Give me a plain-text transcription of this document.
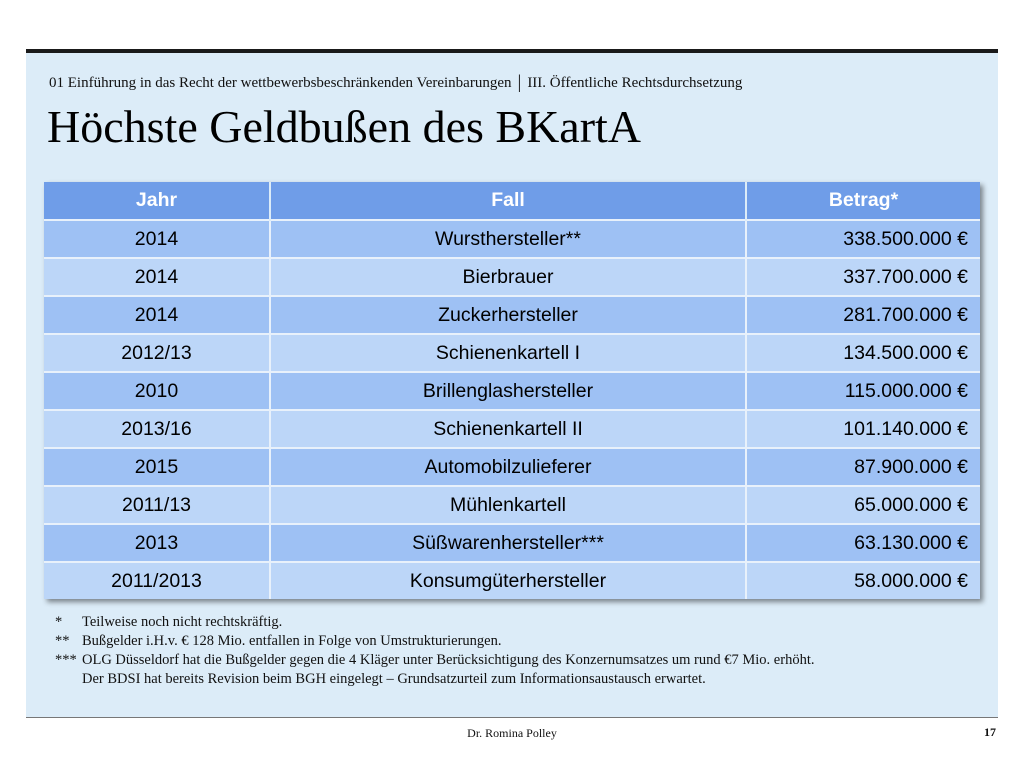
01 Einführung in das Recht der wettbewerbsbeschränkenden Vereinbarungen | III. Öffentliche Rechtsdurchsetzung
Höchste Geldbußen des BKartA
Jahr	Fall	Betrag*
2014	Wursthersteller**	338.500.000 €
2014	Bierbrauer	337.700.000 €
2014	Zuckerhersteller	281.700.000 €
2012/13	Schienenkartell I	134.500.000 €
2010	Brillenglashersteller	115.000.000 €
2013/16	Schienenkartell II	101.140.000 €
2015	Automobilzulieferer	87.900.000 €
2011/13	Mühlenkartell	65.000.000 €
2013	Süßwarenhersteller***	63.130.000 €
2011/2013	Konsumgüterhersteller	58.000.000 €
*	Teilweise noch nicht rechtskräftig.
** Bußgelder i.H.v. € 128 Mio. entfallen in Folge von Umstrukturierungen.
*** OLG Düsseldorf hat die Bußgelder gegen die 4 Kläger unter Berücksichtigung des Konzernumsatzes um rund €7 Mio. erhöht.
Der BDSI hat bereits Revision beim BGH eingelegt – Grundsatzurteil zum Informationsaustausch erwartet.
Dr. Romina Polley	17
